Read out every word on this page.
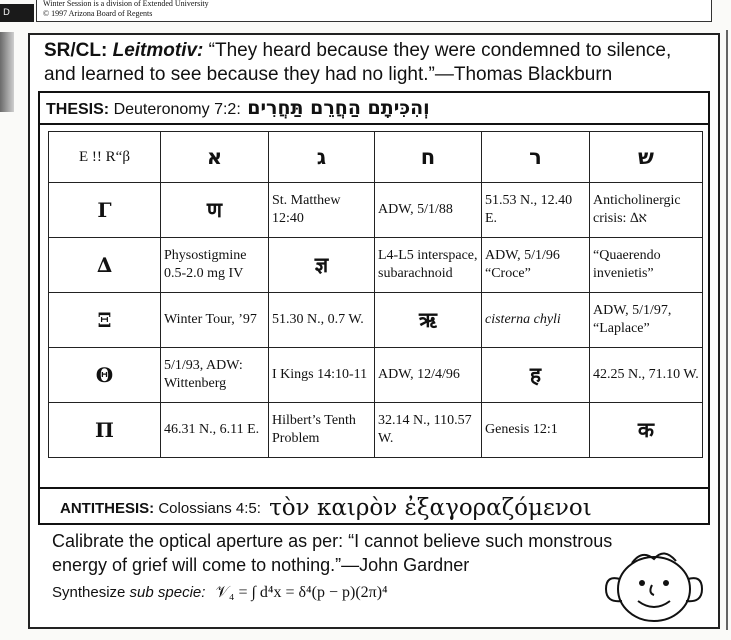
D
Winter Session is a division of Extended University
© 1997 Arizona Board of Regents
SR/CL: Leitmotiv: “They heard because they were condemned to silence,
and learned to see because they had no light.”—Thomas Blackburn
THESIS: Deuteronomy 7:2: וְהִכִּיתָם הַחֲרֵם תַּחֲרִים
E !! R“β	א	ג	ח	ר	ש
Γ	ण	St. Matthew 12:40	ADW, 5/1/88	51.53 N., 12.40 E.	Anticholinergic crisis: ∆א
∆	Physostigmine 0.5-2.0 mg IV	ज्ञ	L4-L5 interspace, subarachnoid	ADW, 5/1/96 “Croce”	“Quaerendo invenietis”
Ξ	Winter Tour, ’97	51.30 N., 0.7 W.	ऋ	cisterna chyli	ADW, 5/1/97, “Laplace”
Θ	5/1/93, ADW: Wittenberg	I Kings 14:10-11	ADW, 12/4/96	ह	42.25 N., 71.10 W.
Π	46.31 N., 6.11 E.	Hilbert’s Tenth Problem	32.14 N., 110.57 W.	Genesis 12:1	क
ANTITHESIS: Colossians 4:5: τὸν καιρὸν ἐξαγοραζόμενοι
Calibrate the optical aperture as per: “I cannot believe such monstrous
energy of grief will come to nothing.”—John Gardner
Synthesize sub specie: 𝒱₄ = ∫ d⁴x = δ⁴(p − p)(2π)⁴
